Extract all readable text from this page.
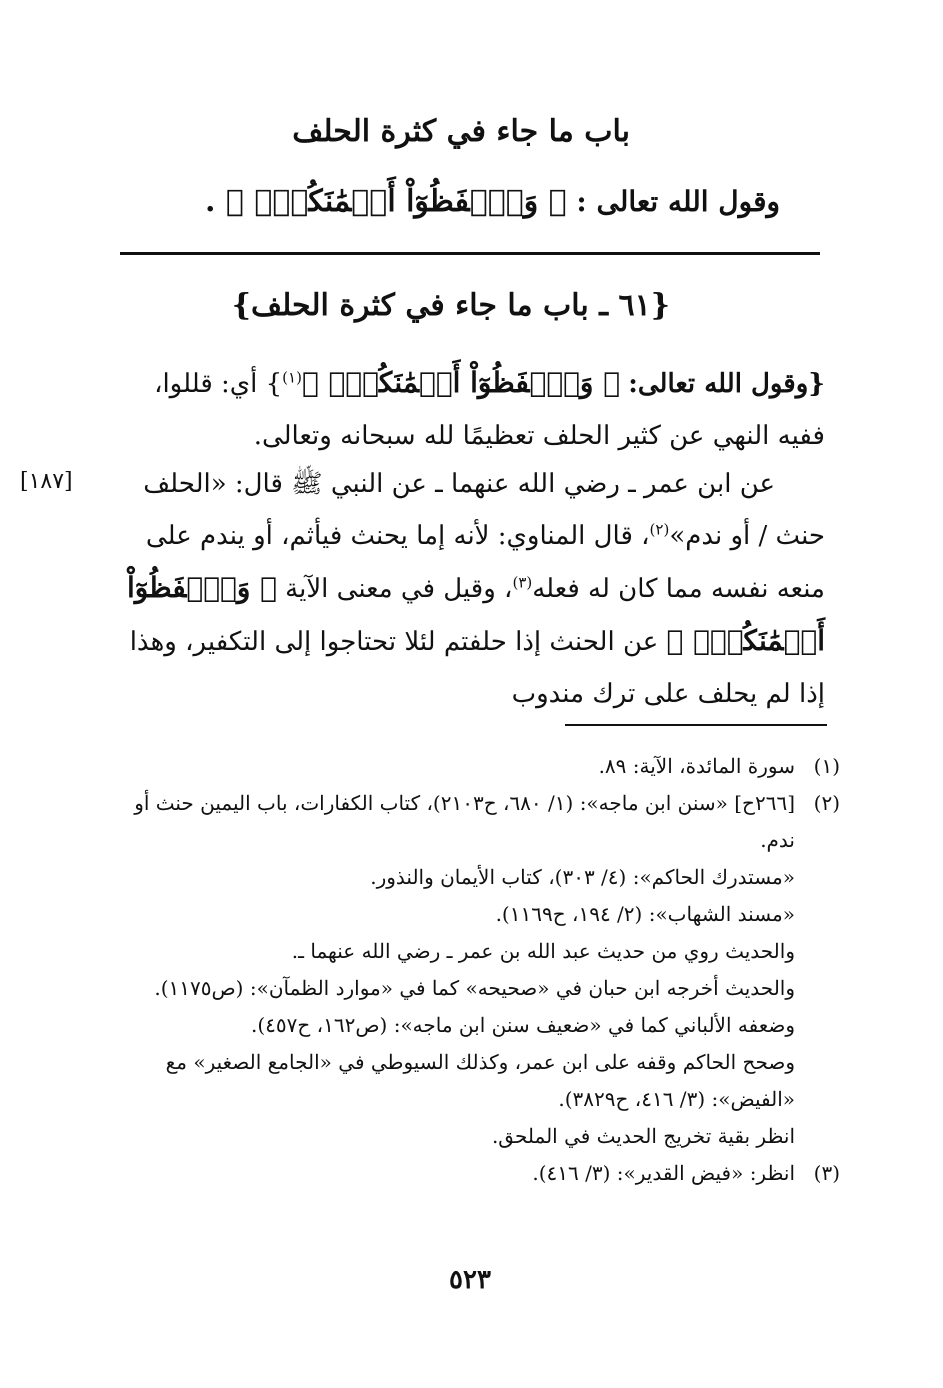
باب ما جاء في كثرة الحلف
وقول الله تعالى : ﴿ وَٱحۡفَظُوٓاْ أَيۡمَٰنَكُمۡۚ ﴾ .
{٦١ ـ باب ما جاء في كثرة الحلف}
{وقول الله تعالى: ﴿ وَٱحۡفَظُوٓاْ أَيۡمَٰنَكُمۡۚ ﴾$^{(١)}$} أي: قللوا، ففيه النهي عن كثير الحلف تعظيمًا لله سبحانه وتعالى.
عن ابن عمر ـ رضي الله عنهما ـ عن النبي ﷺ قال: «الحلف حنث / أو ندم»$^{(٢)}$، قال المناوي: لأنه إما يحنث فيأثم، أو يندم على منعه نفسه مما كان له فعله$^{(٣)}$، وقيل في معنى الآية ﴿ وَٱحۡفَظُوٓاْ أَيۡمَٰنَكُمۡۚ ﴾ عن الحنث إذا حلفتم لئلا تحتاجوا إلى التكفير، وهذا إذا لم يحلف على ترك مندوب
[١٨٧]
(١)
سورة المائدة، الآية: ٨٩.
(٢)
[٢٦٦ح] «سنن ابن ماجه»: (١/ ٦٨٠، ح٢١٠٣)، كتاب الكفارات، باب اليمين حنث أو ندم.
«مستدرك الحاكم»: (٤/ ٣٠٣)، كتاب الأيمان والنذور.
«مسند الشهاب»: (٢/ ١٩٤، ح١١٦٩).
والحديث روي من حديث عبد الله بن عمر ـ رضي الله عنهما ـ.
والحديث أخرجه ابن حبان في «صحيحه» كما في «موارد الظمآن»: (ص١١٧٥).
وضعفه الألباني كما في «ضعيف سنن ابن ماجه»: (ص١٦٢، ح٤٥٧).
وصحح الحاكم وقفه على ابن عمر، وكذلك السيوطي في «الجامع الصغير» مع «الفيض»: (٣/ ٤١٦، ح٣٨٢٩).
انظر بقية تخريج الحديث في الملحق.
(٣)
انظر: «فيض القدير»: (٣/ ٤١٦).
٥٢٣
